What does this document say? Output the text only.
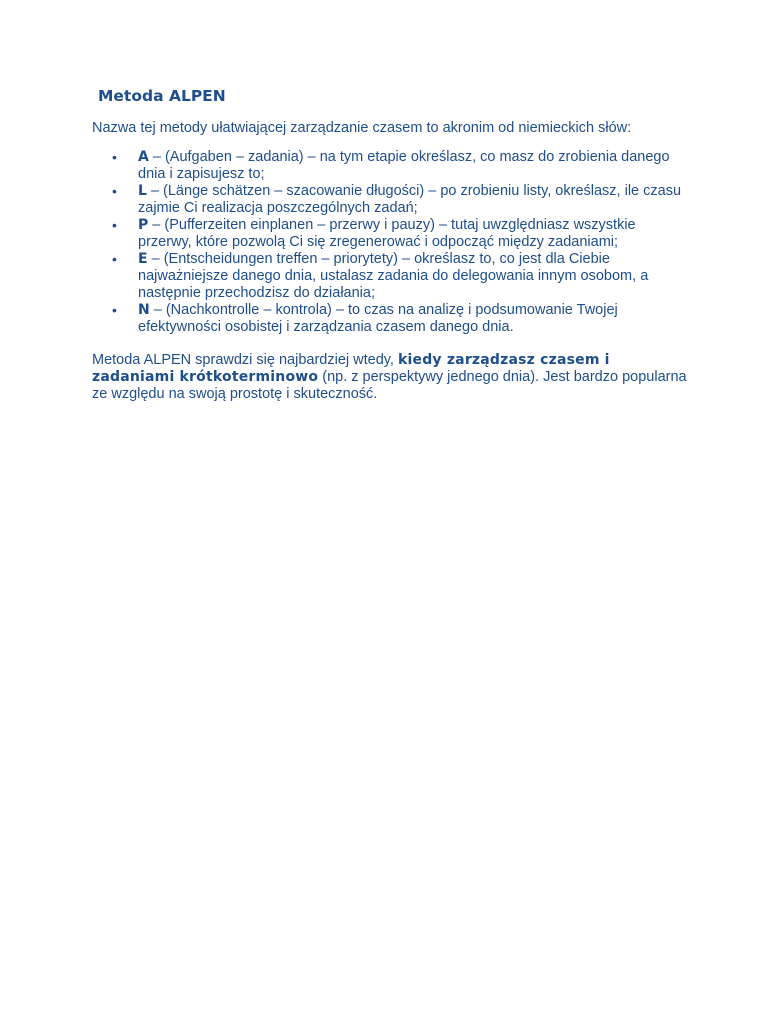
Metoda ALPEN

Nazwa tej metody ułatwiającej zarządzanie czasem to akronim od niemieckich słów:

• A – (Aufgaben – zadania) – na tym etapie określasz, co masz do zrobienia danego dnia i zapisujesz to;
• L – (Länge schätzen – szacowanie długości) – po zrobieniu listy, określasz, ile czasu zajmie Ci realizacja poszczególnych zadań;
• P – (Pufferzeiten einplanen – przerwy i pauzy) – tutaj uwzględniasz wszystkie przerwy, które pozwolą Ci się zregenerować i odpocząć między zadaniami;
• E – (Entscheidungen treffen – priorytety) – określasz to, co jest dla Ciebie najważniejsze danego dnia, ustalasz zadania do delegowania innym osobom, a następnie przechodzisz do działania;
• N – (Nachkontrolle – kontrola) – to czas na analizę i podsumowanie Twojej efektywności osobistej i zarządzania czasem danego dnia.

Metoda ALPEN sprawdzi się najbardziej wtedy, kiedy zarządzasz czasem i zadaniami krótkoterminowo (np. z perspektywy jednego dnia). Jest bardzo popularna ze względu na swoją prostotę i skuteczność.
